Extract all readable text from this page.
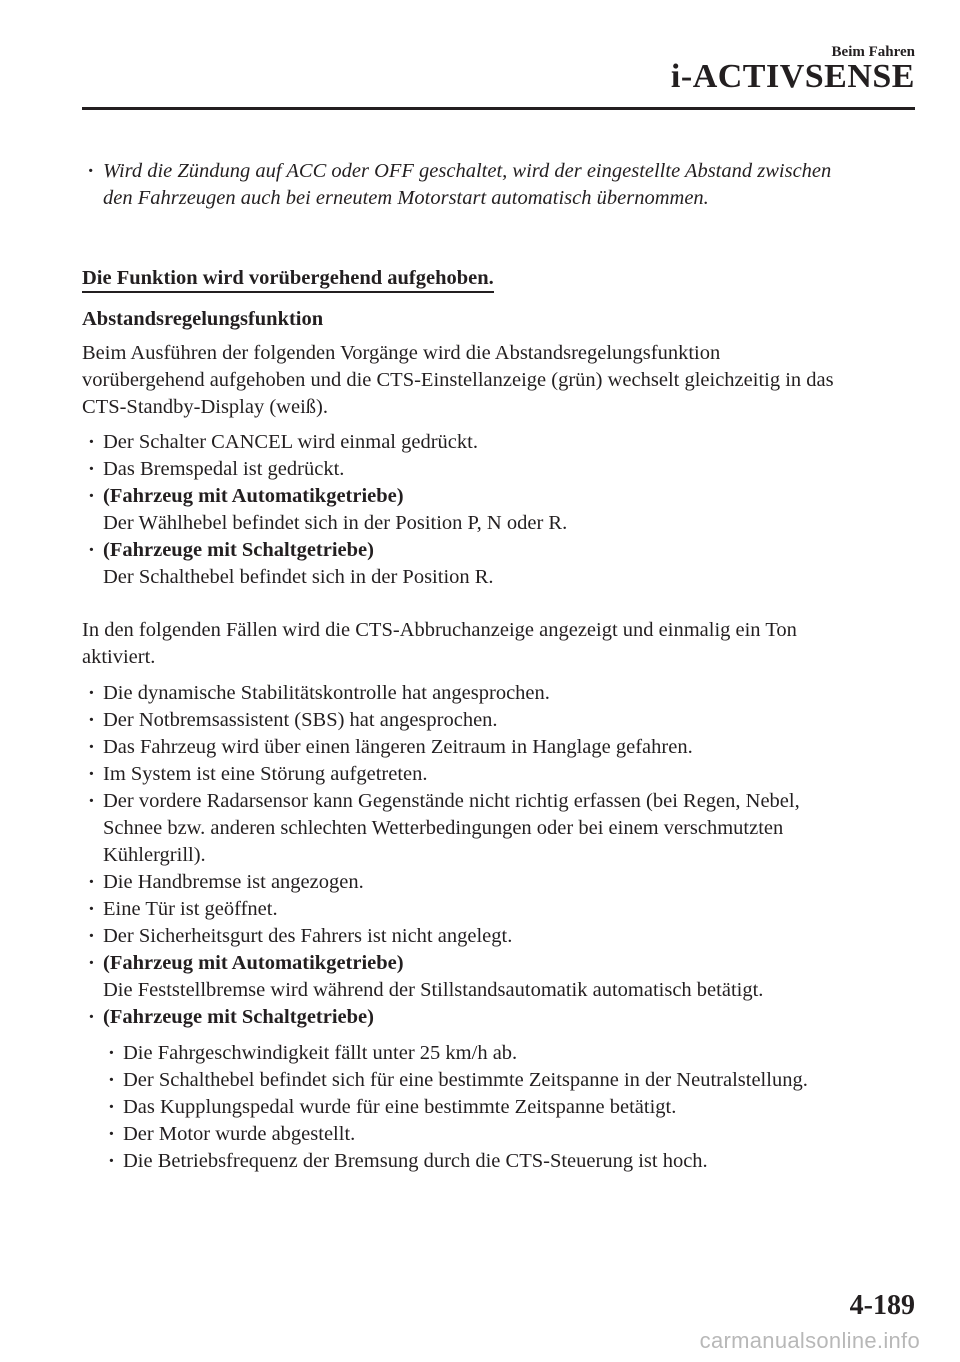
Beim Fahren
i-ACTIVSENSE
· Wird die Zündung auf ACC oder OFF geschaltet, wird der eingestellte Abstand zwischen
den Fahrzeugen auch bei erneutem Motorstart automatisch übernommen.
Die Funktion wird vorübergehend aufgehoben.
Abstandsregelungsfunktion
Beim Ausführen der folgenden Vorgänge wird die Abstandsregelungsfunktion
vorübergehend aufgehoben und die CTS-Einstellanzeige (grün) wechselt gleichzeitig in das
CTS-Standby-Display (weiß).
· Der Schalter CANCEL wird einmal gedrückt.
· Das Bremspedal ist gedrückt.
· (Fahrzeug mit Automatikgetriebe)
Der Wählhebel befindet sich in der Position P, N oder R.
· (Fahrzeuge mit Schaltgetriebe)
Der Schalthebel befindet sich in der Position R.
In den folgenden Fällen wird die CTS-Abbruchanzeige angezeigt und einmalig ein Ton
aktiviert.
· Die dynamische Stabilitätskontrolle hat angesprochen.
· Der Notbremsassistent (SBS) hat angesprochen.
· Das Fahrzeug wird über einen längeren Zeitraum in Hanglage gefahren.
· Im System ist eine Störung aufgetreten.
· Der vordere Radarsensor kann Gegenstände nicht richtig erfassen (bei Regen, Nebel,
Schnee bzw. anderen schlechten Wetterbedingungen oder bei einem verschmutzten
Kühlergrill).
· Die Handbremse ist angezogen.
· Eine Tür ist geöffnet.
· Der Sicherheitsgurt des Fahrers ist nicht angelegt.
· (Fahrzeug mit Automatikgetriebe)
Die Feststellbremse wird während der Stillstandsautomatik automatisch betätigt.
· (Fahrzeuge mit Schaltgetriebe)
· Die Fahrgeschwindigkeit fällt unter 25 km/h ab.
· Der Schalthebel befindet sich für eine bestimmte Zeitspanne in der Neutralstellung.
· Das Kupplungspedal wurde für eine bestimmte Zeitspanne betätigt.
· Der Motor wurde abgestellt.
· Die Betriebsfrequenz der Bremsung durch die CTS-Steuerung ist hoch.
4-189
carmanualsonline.info
